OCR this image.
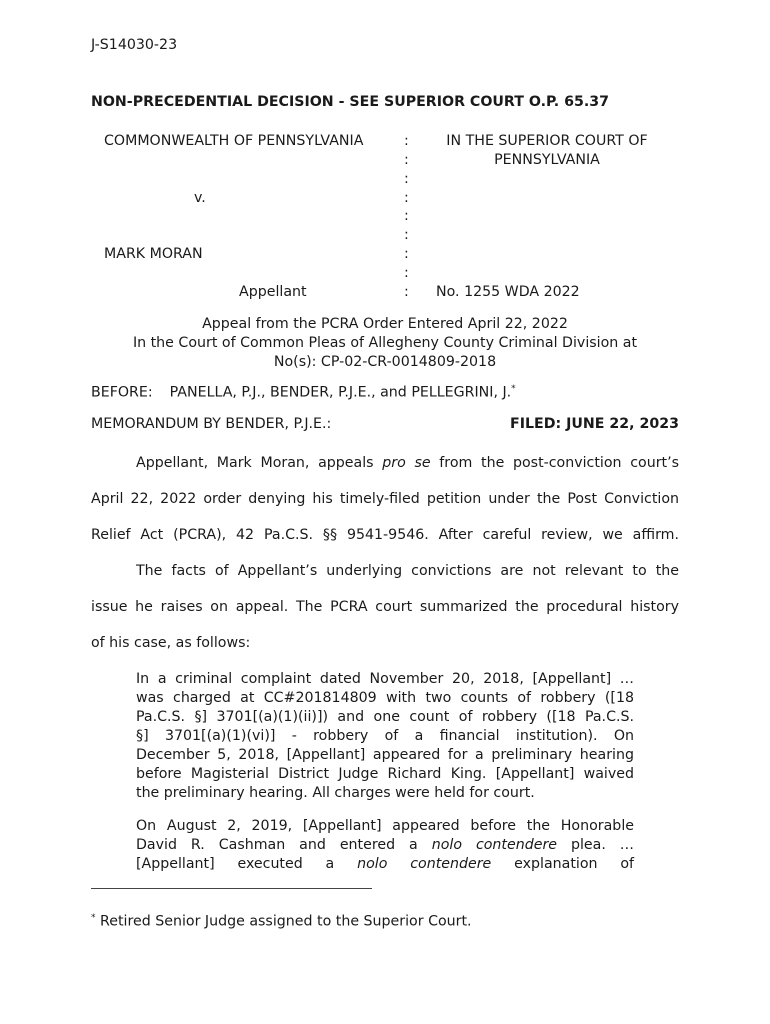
J-S14030-23
NON-PRECEDENTIAL DECISION - SEE SUPERIOR COURT O.P. 65.37
COMMONWEALTH OF PENNSYLVANIA
v.
MARK MORAN
Appellant
:
:
:
:
:
:
:
:
:
IN THE SUPERIOR COURT OF
PENNSYLVANIA
No. 1255 WDA 2022
Appeal from the PCRA Order Entered April 22, 2022
In the Court of Common Pleas of Allegheny County Criminal Division at
No(s): CP-02-CR-0014809-2018
BEFORE: PANELLA, P.J., BENDER, P.J.E., and PELLEGRINI, J.*
MEMORANDUM BY BENDER, P.J.E.:	FILED: JUNE 22, 2023
Appellant, Mark Moran, appeals pro se from the post-conviction court’s
April 22, 2022 order denying his timely-filed petition under the Post Conviction
Relief Act (PCRA), 42 Pa.C.S. §§ 9541-9546. After careful review, we affirm.
The facts of Appellant’s underlying convictions are not relevant to the
issue he raises on appeal. The PCRA court summarized the procedural history
of his case, as follows:
In a criminal complaint dated November 20, 2018, [Appellant] …
was charged at CC#201814809 with two counts of robbery ([18
Pa.C.S. §] 3701[(a)(1)(ii)]) and one count of robbery ([18 Pa.C.S.
§] 3701[(a)(1)(vi)] - robbery of a financial institution). On
December 5, 2018, [Appellant] appeared for a preliminary hearing
before Magisterial District Judge Richard King. [Appellant] waived
the preliminary hearing. All charges were held for court.
On August 2, 2019, [Appellant] appeared before the Honorable
David R. Cashman and entered a nolo contendere plea. …
[Appellant]   executed   a   nolo contendere   explanation   of
* Retired Senior Judge assigned to the Superior Court.
